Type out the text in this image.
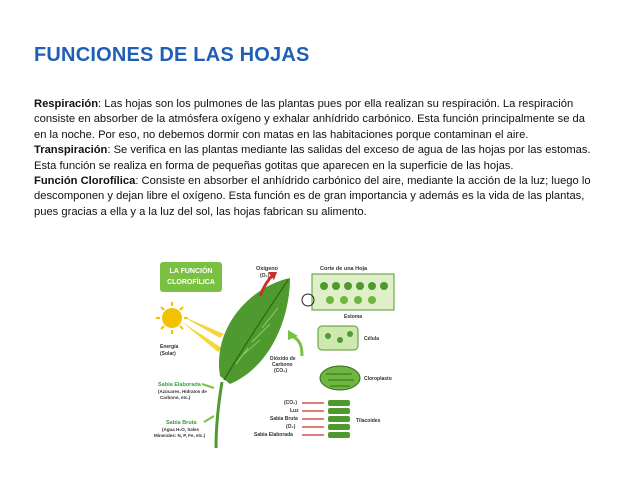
FUNCIONES DE LAS HOJAS

Respiración: Las hojas son los pulmones de las plantas pues por ella realizan su respiración. La respiración consiste en absorber de la atmósfera oxígeno y exhalar anhídrido carbónico. Esta función principalmente se da en la noche. Por eso, no debemos dormir con matas en las habitaciones porque contaminan el aire.

Transpiración: Se verifica en las plantas mediante las salidas del exceso de agua de las hojas por las estomas. Esta función se realiza en forma de pequeñas gotitas que aparecen en la superficie de las hojas.

Función Clorofílica: Consiste en absorber el anhídrido carbónico del aire, mediante la acción de la luz; luego lo descomponen y dejan libre el oxígeno. Esta función es de gran importancia y además es la vida de las plantas, pues gracias a ella y a la luz del sol, las hojas fabrican su alimento.

LA FUNCIÓN
CLOROFÍLICA
Energía
(Solar)
Oxígeno
(O₂)
Dióxido de
Carbono
(CO₂)
Corte de una Hoja
Estoma
Célula
Cloroplasto
Tilacoides
(CO₂)
Luz
Sabia Bruta
(O₂)
Sabia Elaborada
Sabia Elaborada
(Azúcares, Hidratos de
Carbono, etc.)
Sabia Bruta
(Agua H₂O, Sales
Minerales: N, P, Fe, etc.)
